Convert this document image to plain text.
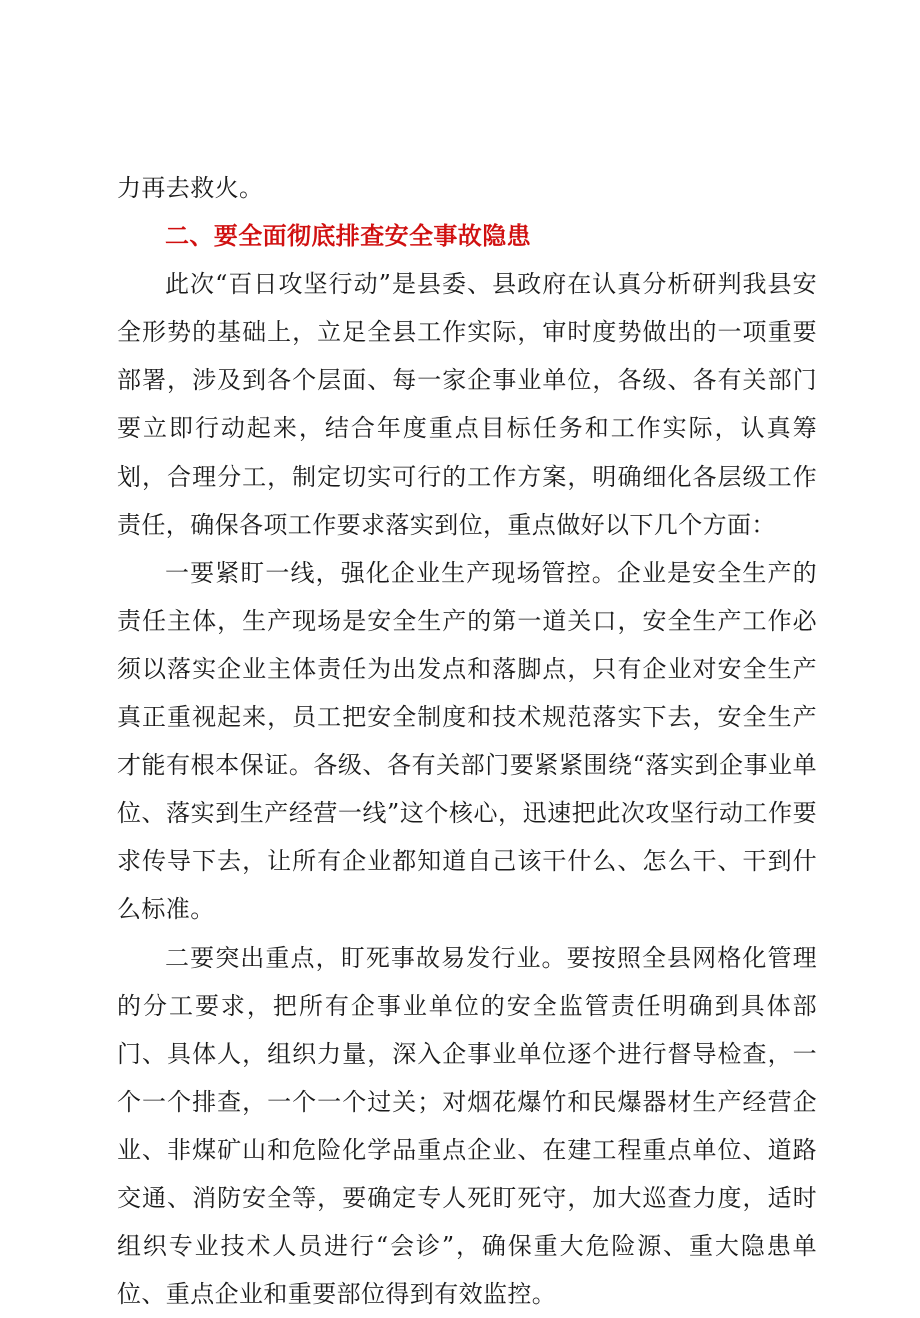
力再去救火。

二、要全面彻底排查安全事故隐患

此次“百日攻坚行动”是县委、县政府在认真分析研判我县安全形势的基础上，立足全县工作实际，审时度势做出的一项重要部署，涉及到各个层面、每一家企事业单位，各级、各有关部门要立即行动起来，结合年度重点目标任务和工作实际，认真筹划，合理分工，制定切实可行的工作方案，明确细化各层级工作责任，确保各项工作要求落实到位，重点做好以下几个方面：

一要紧盯一线，强化企业生产现场管控。企业是安全生产的责任主体，生产现场是安全生产的第一道关口，安全生产工作必须以落实企业主体责任为出发点和落脚点，只有企业对安全生产真正重视起来，员工把安全制度和技术规范落实下去，安全生产才能有根本保证。各级、各有关部门要紧紧围绕“落实到企事业单位、落实到生产经营一线”这个核心，迅速把此次攻坚行动工作要求传导下去，让所有企业都知道自己该干什么、怎么干、干到什么标准。

二要突出重点，盯死事故易发行业。要按照全县网格化管理的分工要求，把所有企事业单位的安全监管责任明确到具体部门、具体人，组织力量，深入企事业单位逐个进行督导检查，一个一个排查，一个一个过关；对烟花爆竹和民爆器材生产经营企业、非煤矿山和危险化学品重点企业、在建工程重点单位、道路交通、消防安全等，要确定专人死盯死守，加大巡查力度，适时组织专业技术人员进行“会诊”，确保重大危险源、重大隐患单位、重点企业和重要部位得到有效监控。
